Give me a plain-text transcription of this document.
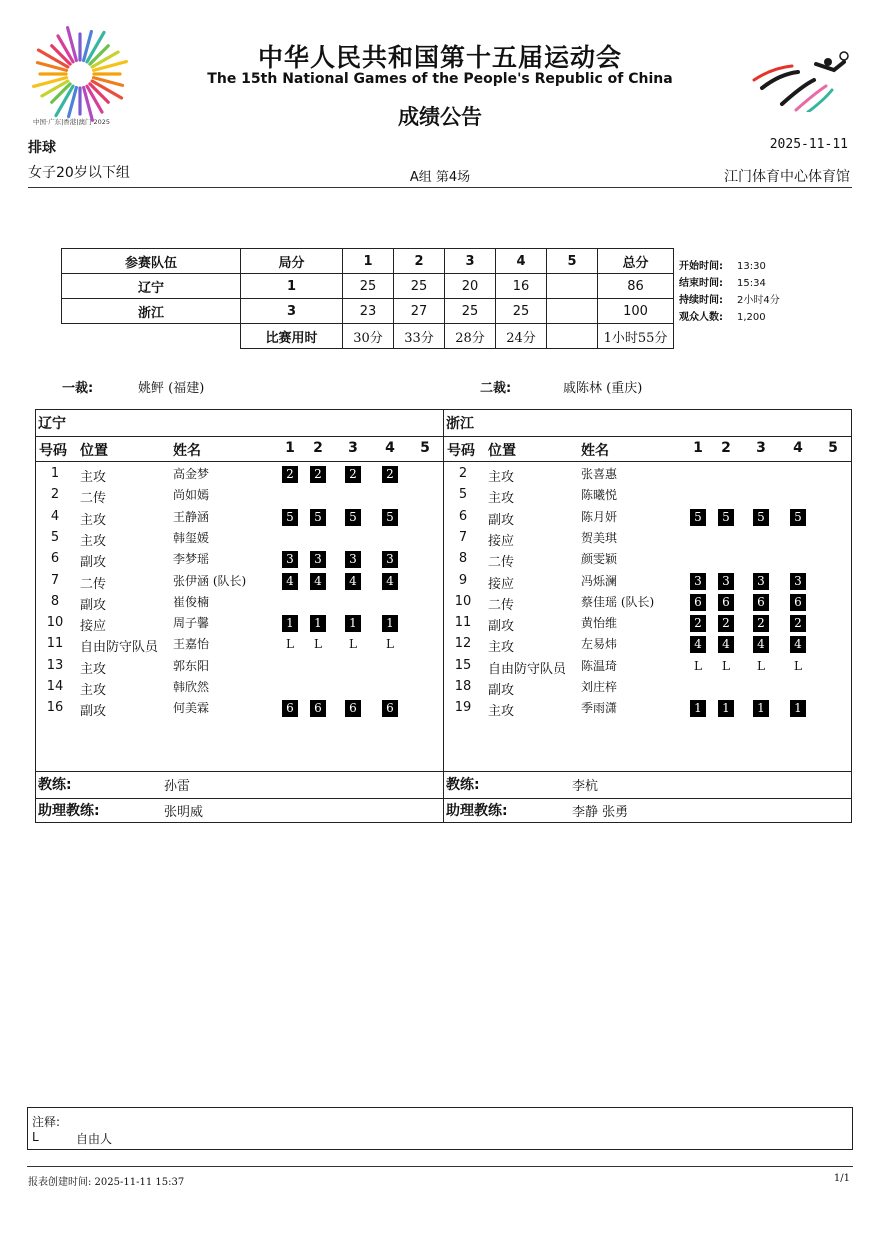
中国·广东|香港|澳门 2025
中华人民共和国第十五届运动会
The 15th National Games of the People's Republic of China
成绩公告
排球	2025-11-11
女子20岁以下组	A组 第4场	江门体育中心体育馆
参赛队伍	局分	1	2	3	4	5	总分
辽宁	1	25	25	20	16		86
浙江	3	23	27	25	25		100
	比赛用时	30分	33分	28分	24分		1小时55分
开始时间: 13:30
结束时间: 15:34
持续时间: 2小时4分
观众人数: 1,200
一裁:	姚鲆 (福建)	二裁:	戚陈林 (重庆)
辽宁
号码 位置	姓名	1 2 3 4 5
1	主攻	高金梦	2	2	2	2
2	二传	尚如嫣
4	主攻	王静涵	5	5	5	5
5	主攻	韩玺媛
6	副攻	李梦瑶	3	3	3	3
7	二传	张伊涵 (队长)	4	4	4	4
8	副攻	崔俊楠
10	接应	周子馨	1	1	1	1
11	自由防守队员 王嘉怡	L	L	L	L
13	主攻	郭东阳
14	主攻	韩欣然
16	副攻	何美霖	6	6	6	6
教练:	孙雷
助理教练:	张明威
浙江
号码 位置	姓名	1 2 3 4 5
2	主攻	张喜惠
5	主攻	陈曦悦
6	副攻	陈月妍	5	5	5	5
7	接应	贺美琪
8	二传	颜雯颖
9	接应	冯烁澜	3	3	3	3
10	二传	蔡佳瑶 (队长)	6	6	6	6
11	副攻	黄怡维	2	2	2	2
12	主攻	左易炜	4	4	4	4
15	自由防守队员 陈温琦	L	L	L	L
18	副攻	刘庄梓
19	主攻	季雨潇	1	1	1	1
教练:	李杭
助理教练:	李静 张勇
注释:
L	自由人
报表创建时间: 2025-11-11 15:37	1/1
